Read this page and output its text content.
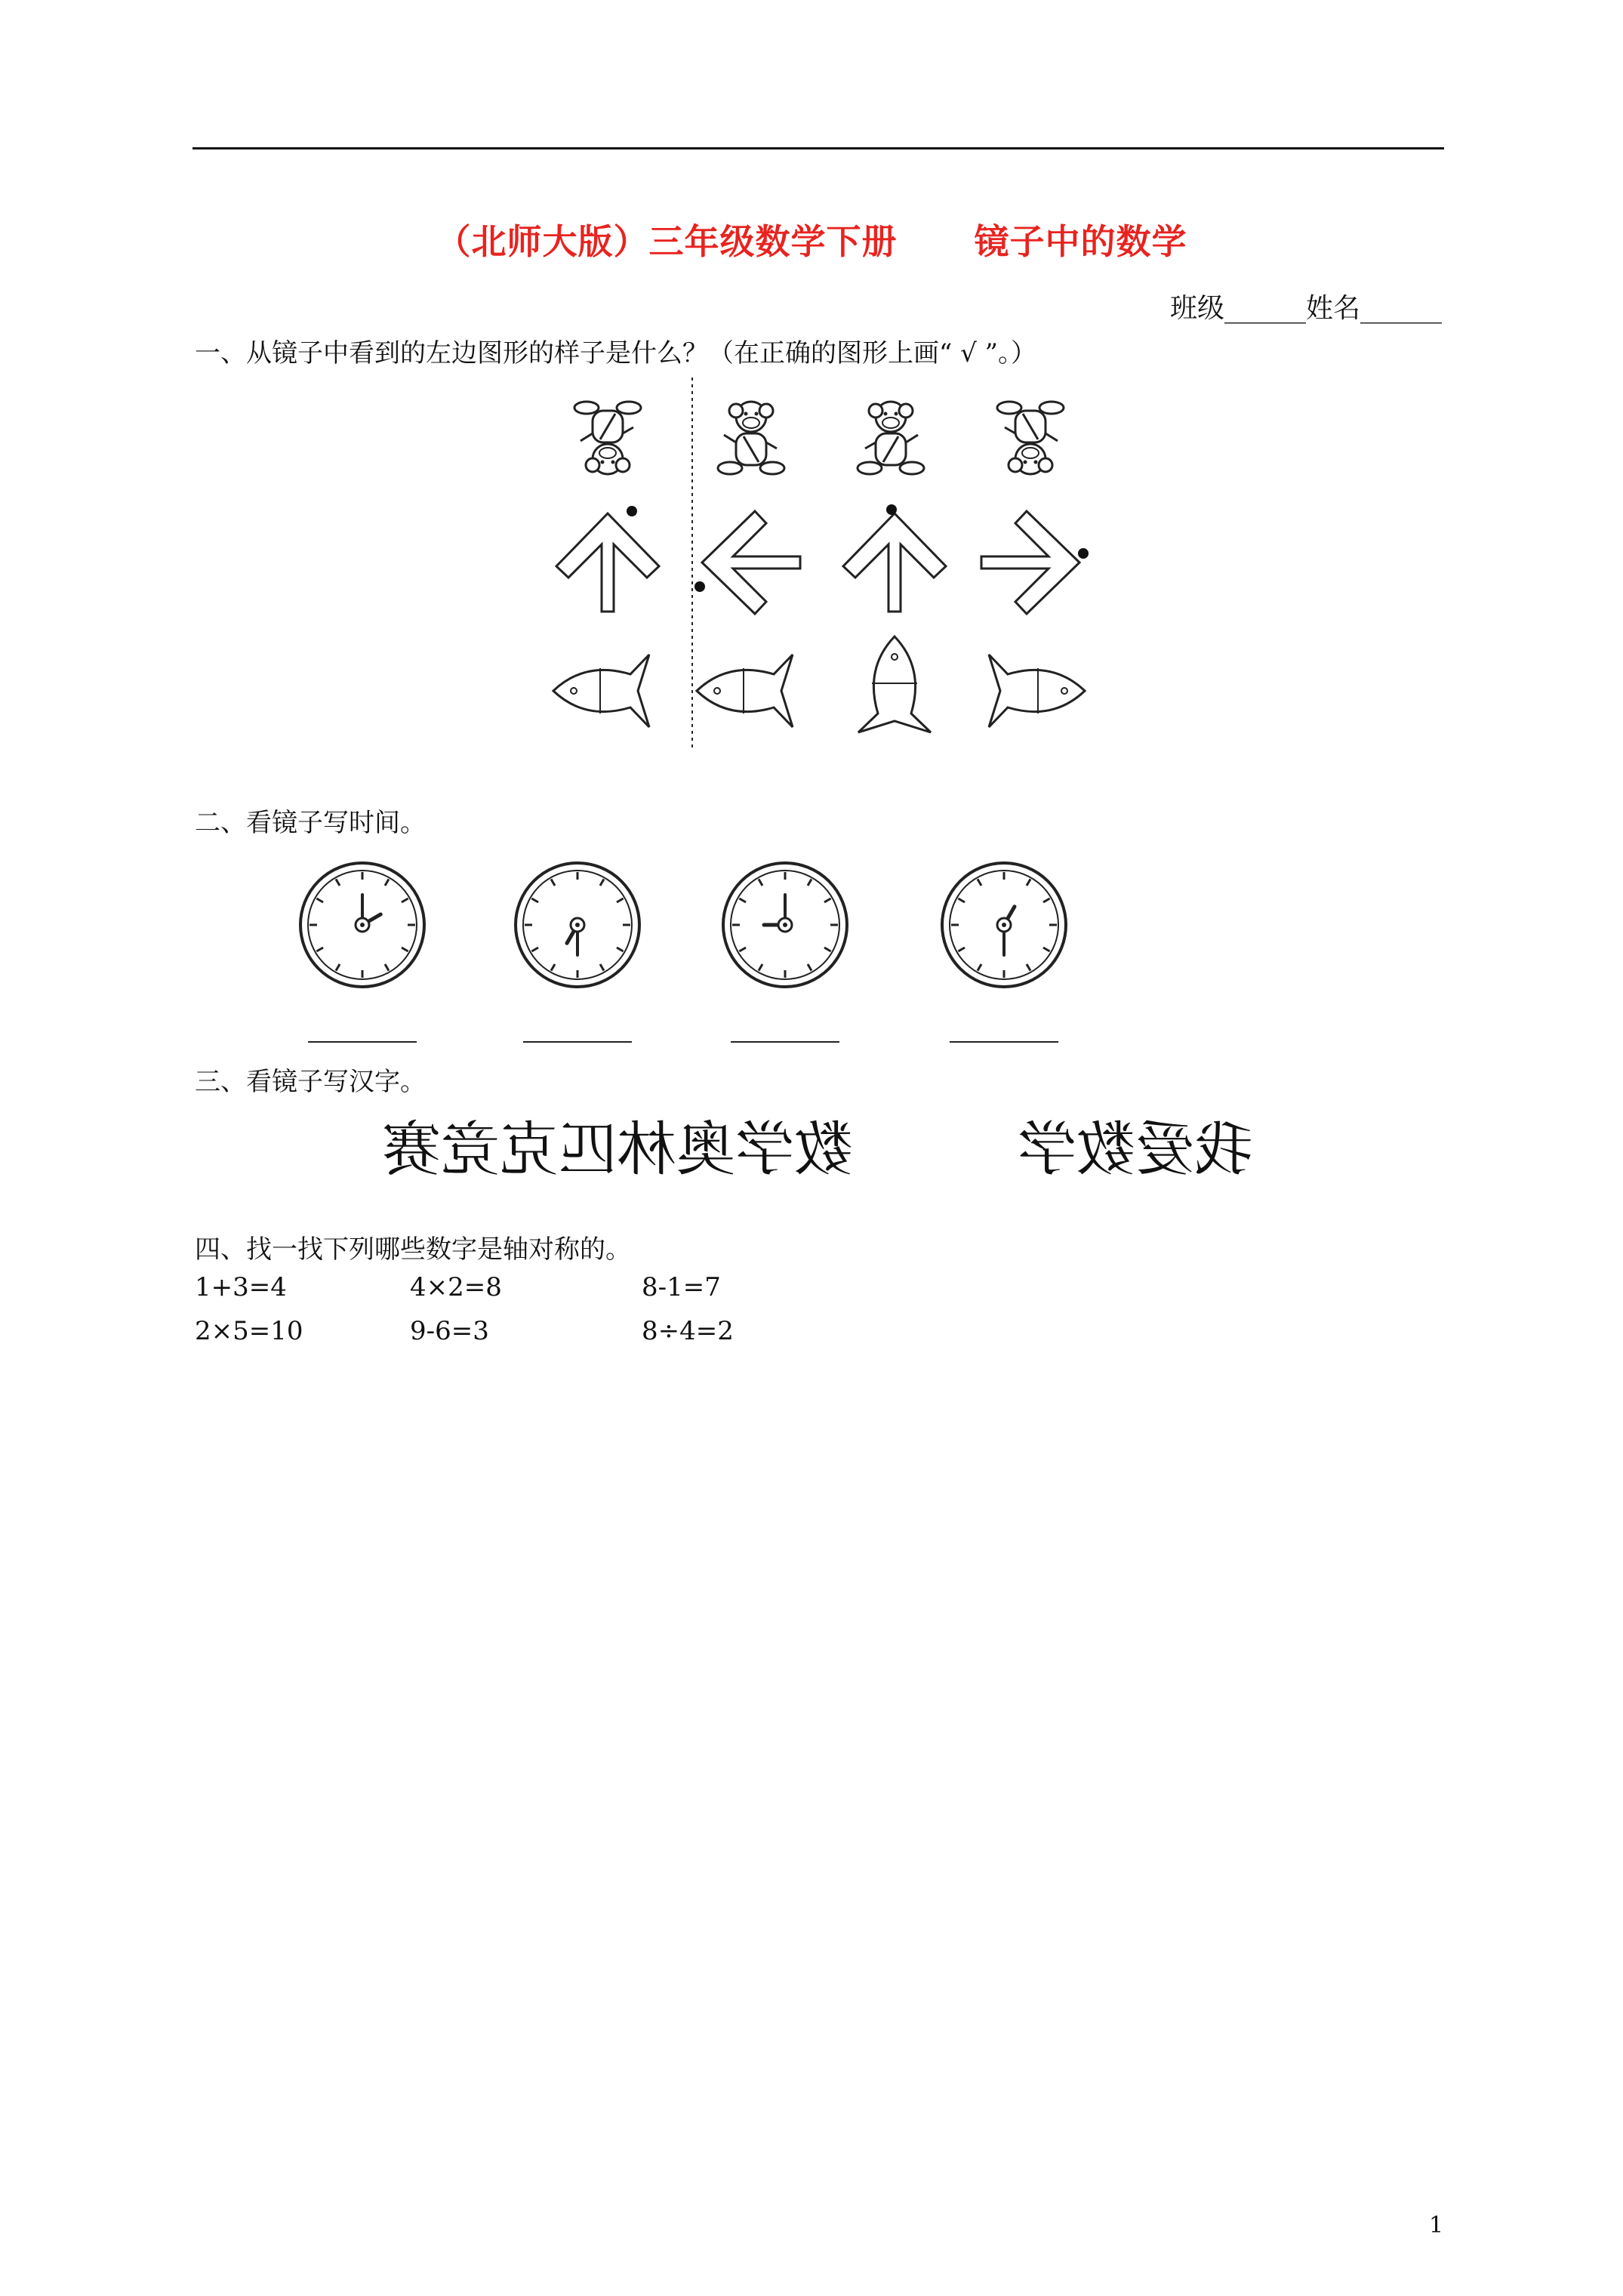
（北师大版）三年级数学下册      镜子中的数学
班级______姓名______
一、从镜子中看到的左边图形的样子是什么？（在正确的图形上画“ √ ”。）
二、看镜子写时间。
三、看镜子写汉字。
数学奥林匹克竞赛	我爱数学
四、找一找下列哪些数字是轴对称的。
1+3=4	4×2=8	8-1=7
2×5=10	9-6=3	8÷4=2
1
